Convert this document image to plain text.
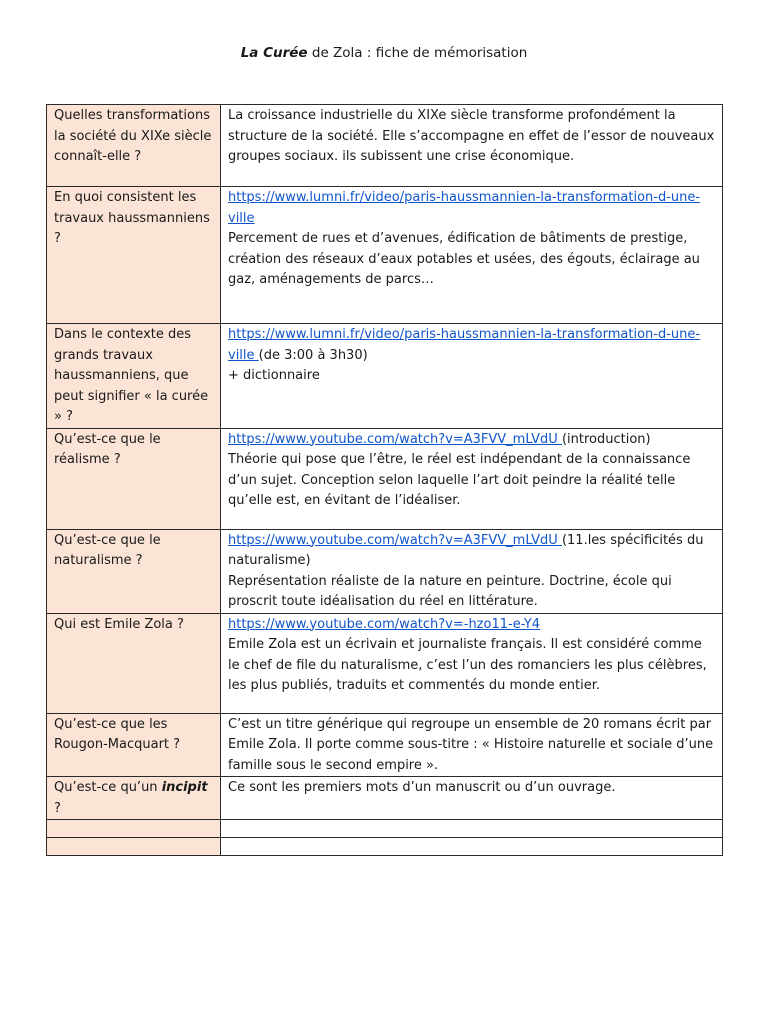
La Curée de Zola : fiche de mémorisation
Quelles transformations la société du XIXe siècle connaît-elle ?	La croissance industrielle du XIXe siècle transforme profondément la structure de la société. Elle s’accompagne en effet de l’essor de nouveaux groupes sociaux. ils subissent une crise économique.
En quoi consistent les travaux haussmanniens ?	https://www.lumni.fr/video/paris-haussmannien-la-transformation-d-une-ville
Percement de rues et d’avenues, édification de bâtiments de prestige, création des réseaux d’eaux potables et usées, des égouts, éclairage au gaz, aménagements de parcs…

Dans le contexte des grands travaux haussmanniens, que peut signifier « la curée » ?	https://www.lumni.fr/video/paris-haussmannien-la-transformation-d-une-ville (de 3:00 à 3h30)
+ dictionnaire

Qu’est-ce que le réalisme ?	https://www.youtube.com/watch?v=A3FVV_mLVdU (introduction)
Théorie qui pose que l’être, le réel est indépendant de la connaissance d’un sujet. Conception selon laquelle l’art doit peindre la réalité telle qu’elle est, en évitant de l’idéaliser.

Qu’est-ce que le naturalisme ?	https://www.youtube.com/watch?v=A3FVV_mLVdU (11.les spécificités du naturalisme)
Représentation réaliste de la nature en peinture. Doctrine, école qui proscrit toute idéalisation du réel en littérature.

Qui est Emile Zola ?	https://www.youtube.com/watch?v=-hzo11-e-Y4
Emile Zola est un écrivain et journaliste français. Il est considéré comme le chef de file du naturalisme, c’est l’un des romanciers les plus célèbres, les plus publiés, traduits et commentés du monde entier.

Qu’est-ce que les Rougon-Macquart ?	C’est un titre générique qui regroupe un ensemble de 20 romans écrit par Emile Zola. Il porte comme sous-titre : « Histoire naturelle et sociale d’une famille sous le second empire ».
Qu’est-ce qu’un incipit ?	Ce sont les premiers mots d’un manuscrit ou d’un ouvrage.
